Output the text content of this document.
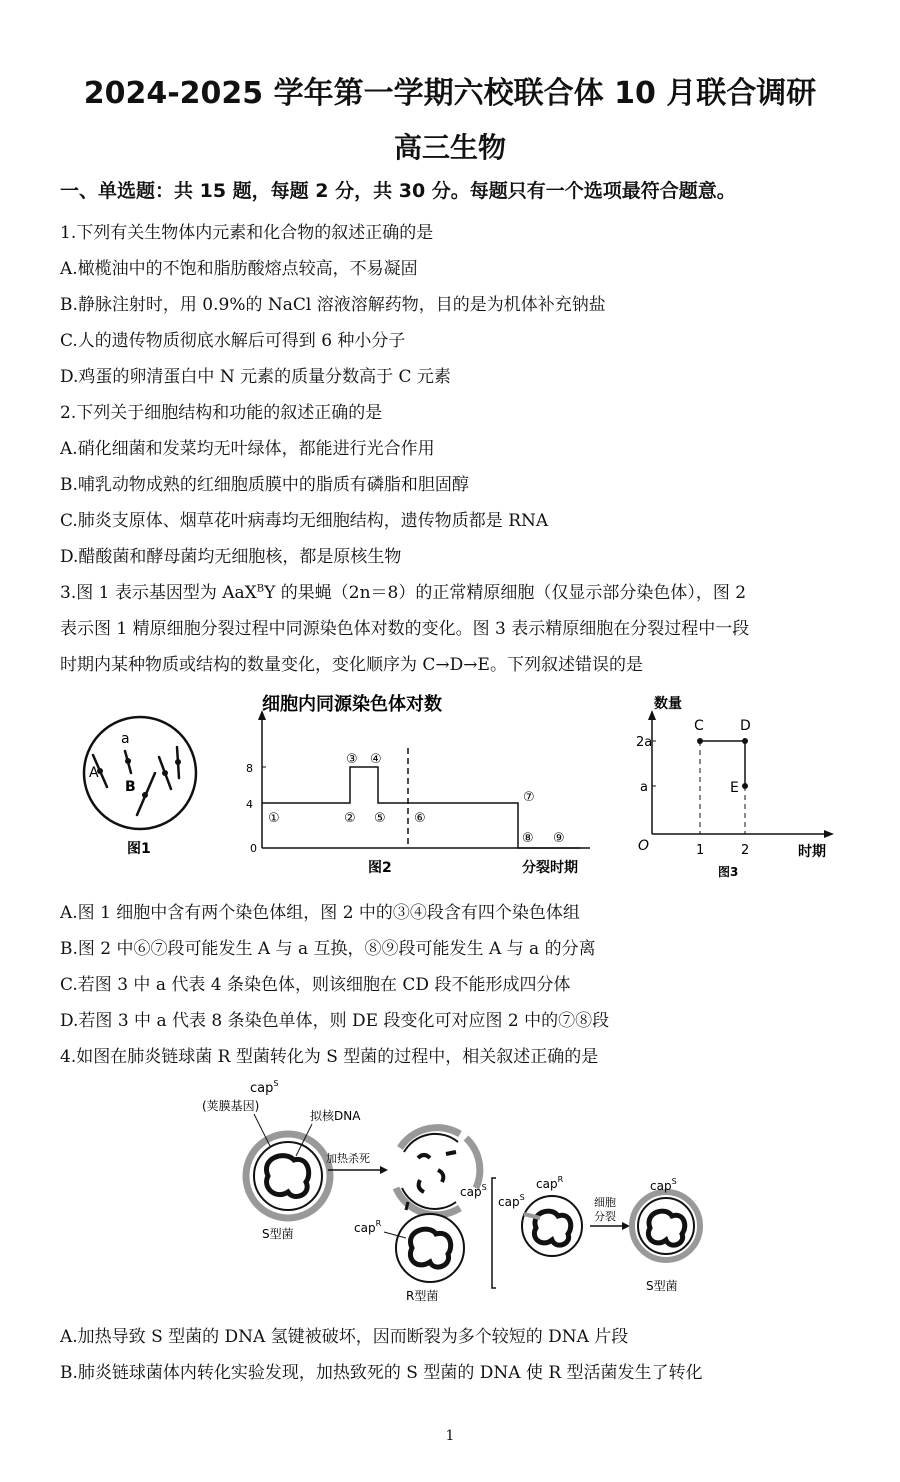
2024-2025 学年第一学期六校联合体 10 月联合调研
高三生物
一、单选题：共 15 题，每题 2 分，共 30 分。每题只有一个选项最符合题意。
1.下列有关生物体内元素和化合物的叙述正确的是
A.橄榄油中的不饱和脂肪酸熔点较高，不易凝固
B.静脉注射时，用 0.9%的 NaCl 溶液溶解药物，目的是为机体补充钠盐
C.人的遗传物质彻底水解后可得到 6 种小分子
D.鸡蛋的卵清蛋白中 N 元素的质量分数高于 C 元素
2.下列关于细胞结构和功能的叙述正确的是
A.硝化细菌和发菜均无叶绿体，都能进行光合作用
B.哺乳动物成熟的红细胞质膜中的脂质有磷脂和胆固醇
C.肺炎支原体、烟草花叶病毒均无细胞结构，遗传物质都是 RNA
D.醋酸菌和酵母菌均无细胞核，都是原核生物
3.图 1 表示基因型为 AaX$^B$Y 的果蝇（2n＝8）的正常精原细胞（仅显示部分染色体），图 2
表示图 1 精原细胞分裂过程中同源染色体对数的变化。图 3 表示精原细胞在分裂过程中一段
时期内某种物质或结构的数量变化，变化顺序为 C→D→E。下列叙述错误的是
a
A
B
图1
细胞内同源染色体对数
8
4
0
①	②
③ ④
⑤ ⑥
⑦
⑧ ⑨
图2	分裂时期
数量
2a
a
C	D
E
O	1	2	时期
图3
A.图 1 细胞中含有两个染色体组，图 2 中的③④段含有四个染色体组
B.图 2 中⑥⑦段可能发生 A 与 a 互换，⑧⑨段可能发生 A 与 a 的分离
C.若图 3 中 a 代表 4 条染色体，则该细胞在 CD 段不能形成四分体
D.若图 3 中 a 代表 8 条染色单体，则 DE 段变化可对应图 2 中的⑦⑧段
4.如图在肺炎链球菌 R 型菌转化为 S 型菌的过程中，相关叙述正确的是
cap$^S$
(荚膜基因)
拟核DNA
S型菌
加热杀死
cap$^S$
cap$^R$
R型菌
cap$^S$
cap$^R$
细胞
分裂
cap$^S$
S型菌
A.加热导致 S 型菌的 DNA 氢键被破坏，因而断裂为多个较短的 DNA 片段
B.肺炎链球菌体内转化实验发现，加热致死的 S 型菌的 DNA 使 R 型活菌发生了转化
1
